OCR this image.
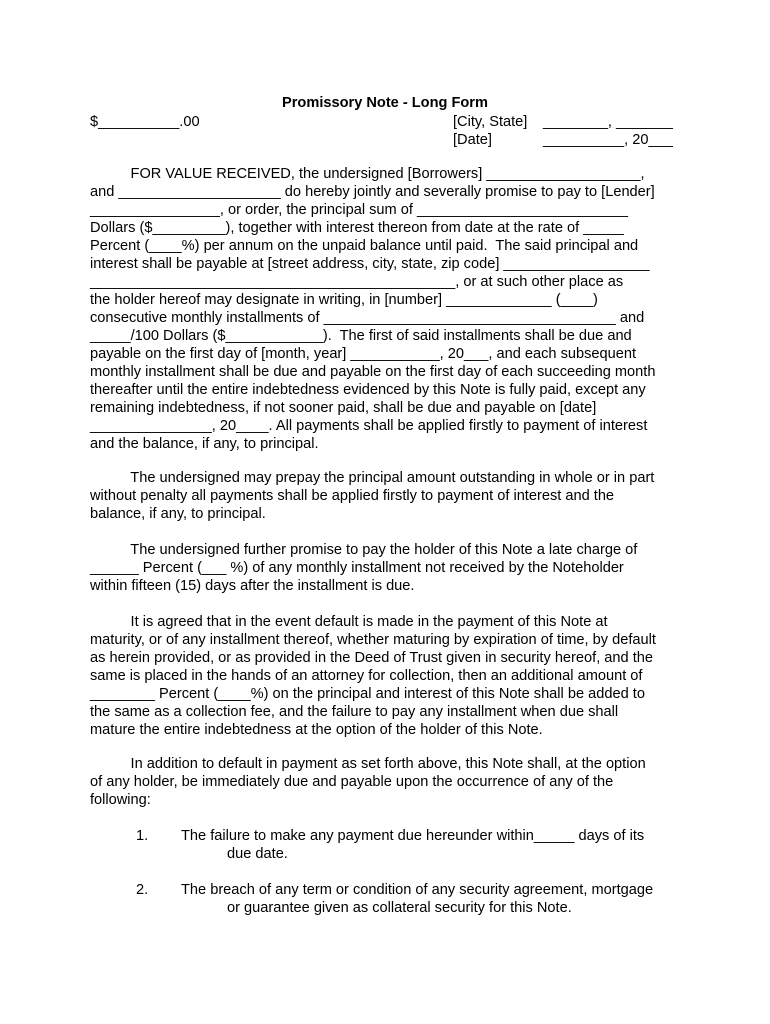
Promissory Note - Long Form
$__________.00	[City, State] ________, _______
[Date]	__________, 20___
FOR VALUE RECEIVED, the undersigned [Borrowers] ___________________,
and ____________________ do hereby jointly and severally promise to pay to [Lender]
________________, or order, the principal sum of __________________________
Dollars ($_________), together with interest thereon from date at the rate of _____
Percent (____%) per annum on the unpaid balance until paid.  The said principal and
interest shall be payable at [street address, city, state, zip code] __________________
_____________________________________________, or at such other place as
the holder hereof may designate in writing, in [number] _____________ (____)
consecutive monthly installments of ____________________________________ and
_____/100 Dollars ($____________).  The first of said installments shall be due and
payable on the first day of [month, year] ___________, 20___, and each subsequent
monthly installment shall be due and payable on the first day of each succeeding month
thereafter until the entire indebtedness evidenced by this Note is fully paid, except any
remaining indebtedness, if not sooner paid, shall be due and payable on [date]
_______________, 20____. All payments shall be applied firstly to payment of interest
and the balance, if any, to principal.
The undersigned may prepay the principal amount outstanding in whole or in part
without penalty all payments shall be applied firstly to payment of interest and the
balance, if any, to principal.
The undersigned further promise to pay the holder of this Note a late charge of
______ Percent (___ %) of any monthly installment not received by the Noteholder
within fifteen (15) days after the installment is due.
It is agreed that in the event default is made in the payment of this Note at
maturity, or of any installment thereof, whether maturing by expiration of time, by default
as herein provided, or as provided in the Deed of Trust given in security hereof, and the
same is placed in the hands of an attorney for collection, then an additional amount of
________ Percent (____%) on the principal and interest of this Note shall be added to
the same as a collection fee, and the failure to pay any installment when due shall
mature the entire indebtedness at the option of the holder of this Note.
In addition to default in payment as set forth above, this Note shall, at the option
of any holder, be immediately due and payable upon the occurrence of any of the
following:
1. The failure to make any payment due hereunder within_____ days of its
due date.
2. The breach of any term or condition of any security agreement, mortgage
or guarantee given as collateral security for this Note.
